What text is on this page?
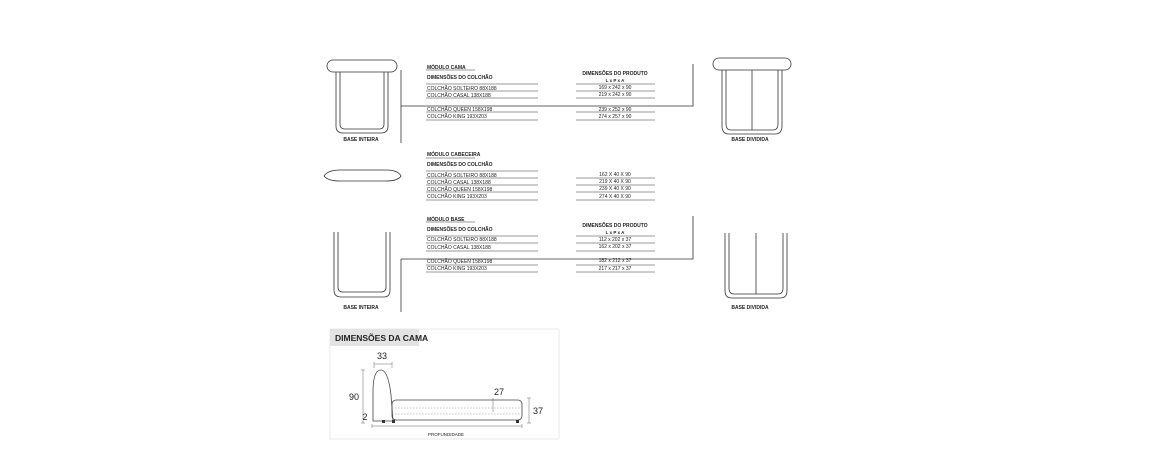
MÓDULO CAMA
DIMENSÕES DO COLCHÃO
DIMENSÕES DO PRODUTO
L x P x A
COLCHÃO SOLTEIRO 88X188
COLCHÃO CASAL 138X188
COLCHÃO QUEEN 158X198
COLCHÃO KING 193X203
169 x 242 x 90
219 x 242 x 90
239 x 252 x 90
274 x 257 x 90
BASE INTEIRA	BASE DIVIDIDA
MÓDULO CABECEIRA
DIMENSÕES DO COLCHÃO
COLCHÃO SOLTEIRO 88X188
COLCHÃO CASAL 138X188
COLCHÃO QUEEN 158X198
COLCHÃO KING 193X203
162 X 40 X 90
219 X 40 X 90
239 X 40 X 90
274 X 40 X 90
MÓDULO BASE
DIMENSÕES DO COLCHÃO
DIMENSÕES DO PRODUTO
L x P x A
COLCHÃO SOLTEIRO 88X188
COLCHÃO CASAL 138X188
COLCHÃO QUEEN 158X198
COLCHÃO KING 193X203
112 x 202 x 37
162 x 202 x 37
182 x 212 x 37
217 x 217 x 37
BASE INTEIRA	BASE DIVIDIDA
DIMENSÕES DA CAMA
33
90
2
27
37
PROFUNDIDADE
